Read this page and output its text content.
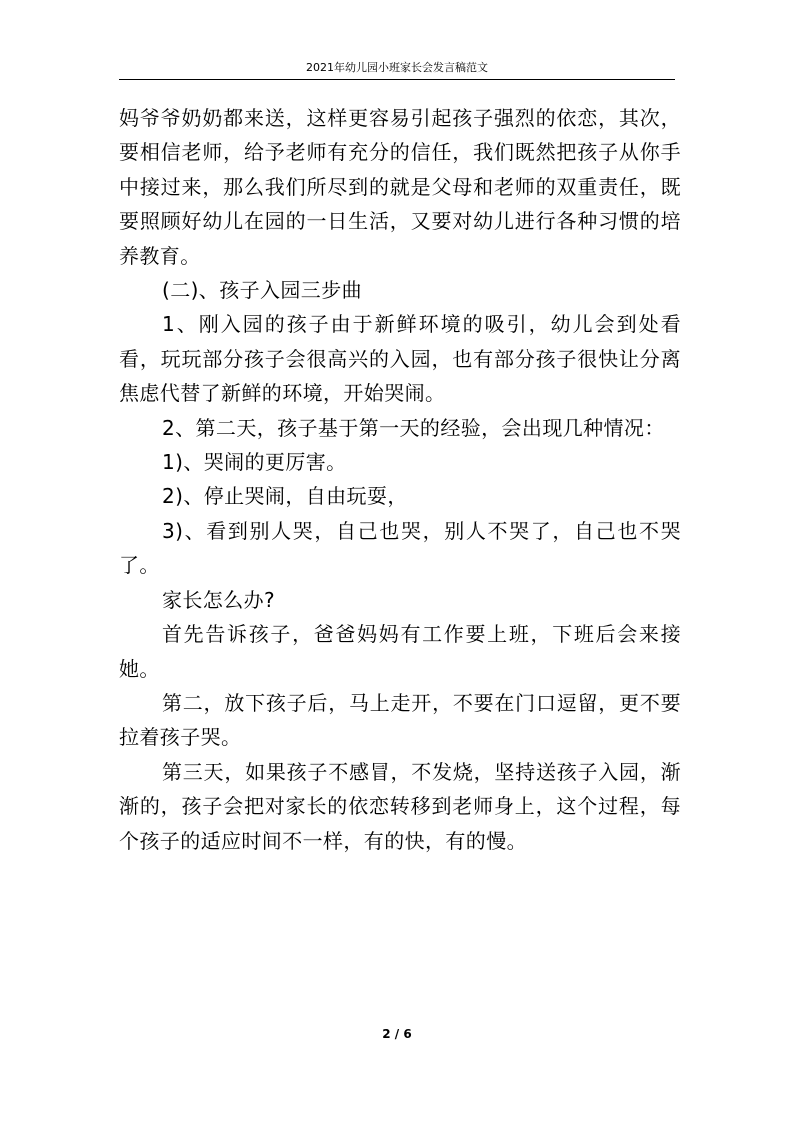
2021年幼儿园小班家长会发言稿范文

妈爷爷奶奶都来送，这样更容易引起孩子强烈的依恋，其次，要相信老师，给予老师有充分的信任，我们既然把孩子从你手中接过来，那么我们所尽到的就是父母和老师的双重责任，既要照顾好幼儿在园的一日生活，又要对幼儿进行各种习惯的培养教育。

(二)、孩子入园三步曲

1、刚入园的孩子由于新鲜环境的吸引，幼儿会到处看看，玩玩部分孩子会很高兴的入园，也有部分孩子很快让分离焦虑代替了新鲜的环境，开始哭闹。

2、第二天，孩子基于第一天的经验，会出现几种情况：

1)、哭闹的更厉害。

2)、停止哭闹，自由玩耍，

3)、看到别人哭，自己也哭，别人不哭了，自己也不哭了。

家长怎么办?

首先告诉孩子，爸爸妈妈有工作要上班，下班后会来接她。

第二，放下孩子后，马上走开，不要在门口逗留，更不要拉着孩子哭。

第三天，如果孩子不感冒，不发烧，坚持送孩子入园，渐渐的，孩子会把对家长的依恋转移到老师身上，这个过程，每个孩子的适应时间不一样，有的快，有的慢。

2 / 6
